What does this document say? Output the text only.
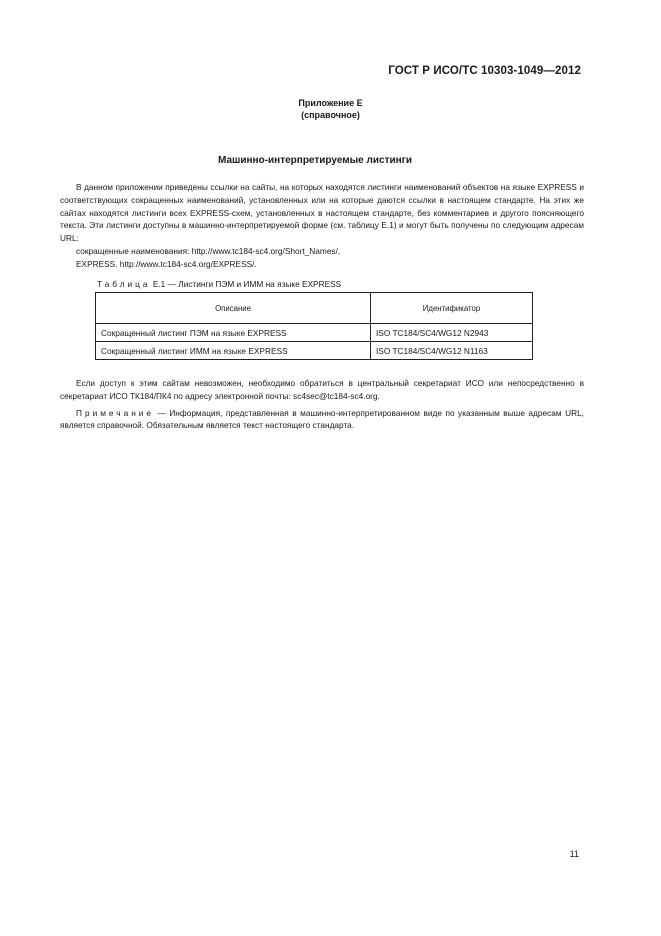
ГОСТ Р ИСО/ТС 10303-1049—2012
Приложение Е
(справочное)
Машинно-интерпретируемые листинги

В данном приложении приведены ссылки на сайты, на которых находятся листинги наименований объектов на языке EXPRESS и соответствующих сокращенных наименований, установленных или на которые даются ссылки в настоящем стандарте. На этих же сайтах находятся листинги всех EXPRESS-схем, установленных в настоящем стандарте, без комментариев и другого поясняющего текста. Эти листинги доступны в машинно-интерпретируемой форме (см. таблицу Е.1) и могут быть получены по следующим адресам URL:

сокращенные наименования: http://www.tc184-sc4.org/Short_Names/,
EXPRESS. http://www.tc184-sc4.org/EXPRESS/.
Таблица Е.1 — Листинги ПЭМ и ИММ на языке EXPRESS
Описание	Идентификатор
Сокращенный листинг ПЭМ на языке EXPRESS	ISO TC184/SC4/WG12 N2943
Сокращенный листинг ИММ на языке EXPRESS	ISO TC184/SC4/WG12 N1163

Если доступ к этим сайтам невозможен, необходимо обратиться в центральный секретариат ИСО или непосредственно в секретариат ИСО ТК184/ПК4 по адресу электронной почты: sc4sec@tc184-sc4.org.

Примечание — Информация, представленная в машинно-интерпретированном виде по указанным выше адресам URL, является справочной. Обязательным является текст настоящего стандарта.

11
